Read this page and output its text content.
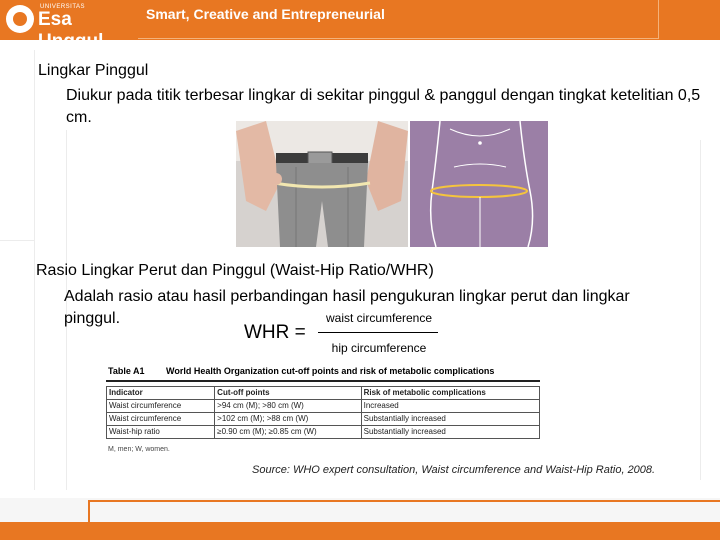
UNIVERSITAS
Esa Unggul
Smart, Creative and Entrepreneurial
Lingkar Pinggul
Diukur pada titik terbesar lingkar di sekitar pinggul & panggul dengan tingkat ketelitian 0,5 cm.
Rasio Lingkar Perut dan Pinggul (Waist-Hip Ratio/WHR)
Adalah rasio atau hasil perbandingan hasil pengukuran lingkar perut dan lingkar pinggul.
WHR =
waist circumference
hip circumference
Table A1 World Health Organization cut-off points and risk of metabolic complications
Indicator	Cut-off points	Risk of metabolic complications
Waist circumference	>94 cm (M); >80 cm (W)	Increased
Waist circumference	>102 cm (M); >88 cm (W)	Substantially increased
Waist-hip ratio	≥0.90 cm (M); ≥0.85 cm (W)	Substantially increased
M, men; W, women.
Source: WHO expert consultation, Waist circumference and Waist-Hip Ratio, 2008.
